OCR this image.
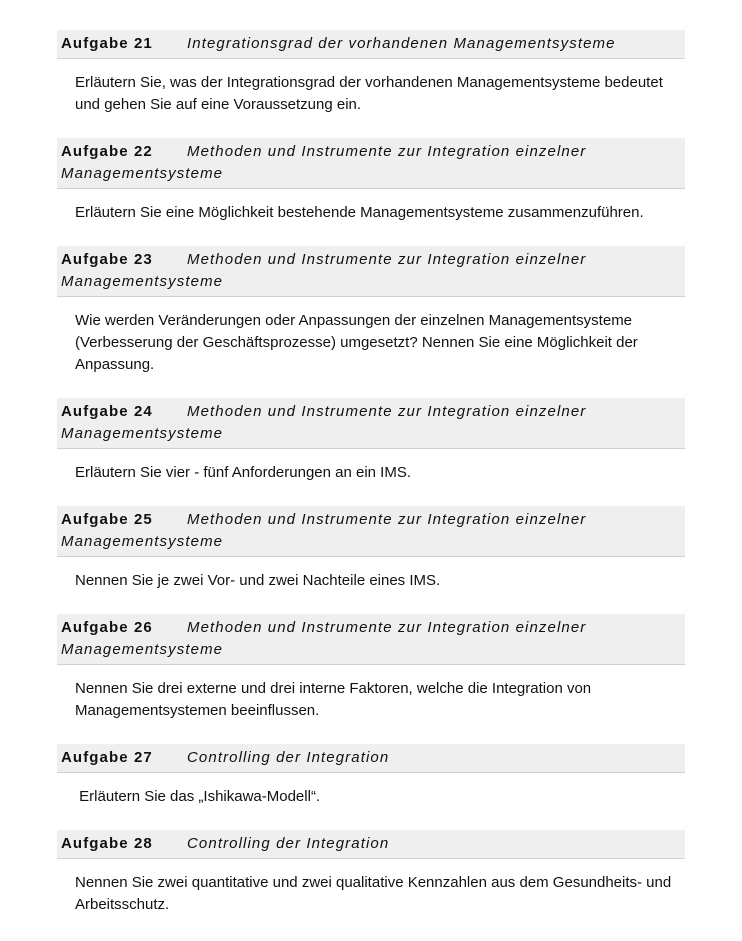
Aufgabe 21 Integrationsgrad der vorhandenen Managementsysteme
Erläutern Sie, was der Integrationsgrad der vorhandenen Managementsysteme bedeutet und gehen Sie auf eine Voraussetzung ein.
Aufgabe 22 Methoden und Instrumente zur Integration einzelner Managementsysteme
Erläutern Sie eine Möglichkeit bestehende Managementsysteme zusammenzuführen.
Aufgabe 23 Methoden und Instrumente zur Integration einzelner Managementsysteme
Wie werden Veränderungen oder Anpassungen der einzelnen Managementsysteme (Verbesserung der Geschäftsprozesse) umgesetzt? Nennen Sie eine Möglichkeit der Anpassung.
Aufgabe 24 Methoden und Instrumente zur Integration einzelner Managementsysteme
Erläutern Sie vier - fünf Anforderungen an ein IMS.
Aufgabe 25 Methoden und Instrumente zur Integration einzelner Managementsysteme
Nennen Sie je zwei Vor- und zwei Nachteile eines IMS.
Aufgabe 26 Methoden und Instrumente zur Integration einzelner Managementsysteme
Nennen Sie drei externe und drei interne Faktoren, welche die Integration von Managementsystemen beeinflussen.
Aufgabe 27 Controlling der Integration
Erläutern Sie das „Ishikawa-Modell“.
Aufgabe 28 Controlling der Integration
Nennen Sie zwei quantitative und zwei qualitative Kennzahlen aus dem Gesundheits- und Arbeitsschutz.
